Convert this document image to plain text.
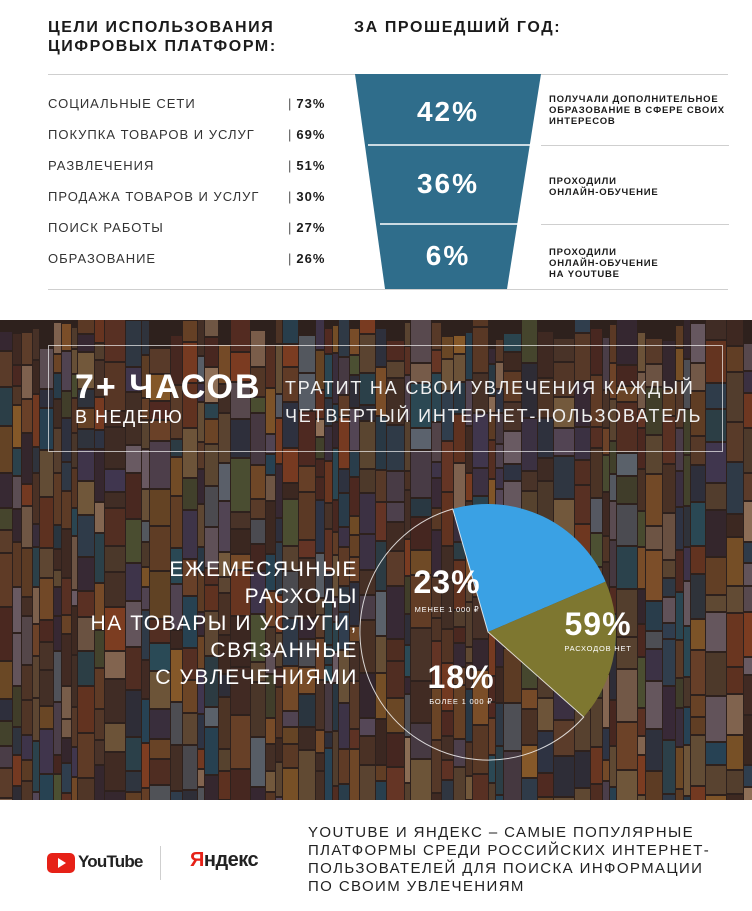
ЦЕЛИ ИСПОЛЬЗОВАНИЯ
ЦИФРОВЫХ ПЛАТФОРМ:
ЗА ПРОШЕДШИЙ ГОД:
СОЦИАЛЬНЫЕ СЕТИ	| 73%
ПОКУПКА ТОВАРОВ И УСЛУГ	| 69%
РАЗВЛЕЧЕНИЯ	| 51%
ПРОДАЖА ТОВАРОВ И УСЛУГ	| 30%
ПОИСК РАБОТЫ	| 27%
ОБРАЗОВАНИЕ	| 26%
42%
36%
6%
ПОЛУЧАЛИ ДОПОЛНИТЕЛЬНОЕ
ОБРАЗОВАНИЕ В СФЕРЕ СВОИХ
ИНТЕРЕСОВ
ПРОХОДИЛИ
ОНЛАЙН-ОБУЧЕНИЕ
ПРОХОДИЛИ
ОНЛАЙН-ОБУЧЕНИЕ
НА YOUTUBE
7+ ЧАСОВ
В НЕДЕЛЮ
ТРАТИТ НА СВОИ УВЛЕЧЕНИЯ КАЖДЫЙ
ЧЕТВЕРТЫЙ ИНТЕРНЕТ-ПОЛЬЗОВАТЕЛЬ
ЕЖЕМЕСЯЧНЫЕ
РАСХОДЫ
НА ТОВАРЫ И УСЛУГИ,
СВЯЗАННЫЕ
С УВЛЕЧЕНИЯМИ
23%
МЕНЕЕ 1 000 ₽
18%
БОЛЕЕ 1 000 ₽
59%
РАСХОДОВ НЕТ
YouTube Яндекс
YOUTUBE И ЯНДЕКС – САМЫЕ ПОПУЛЯРНЫЕ
ПЛАТФОРМЫ СРЕДИ РОССИЙСКИХ ИНТЕРНЕТ-
ПОЛЬЗОВАТЕЛЕЙ ДЛЯ ПОИСКА ИНФОРМАЦИИ
ПО СВОИМ УВЛЕЧЕНИЯМ
